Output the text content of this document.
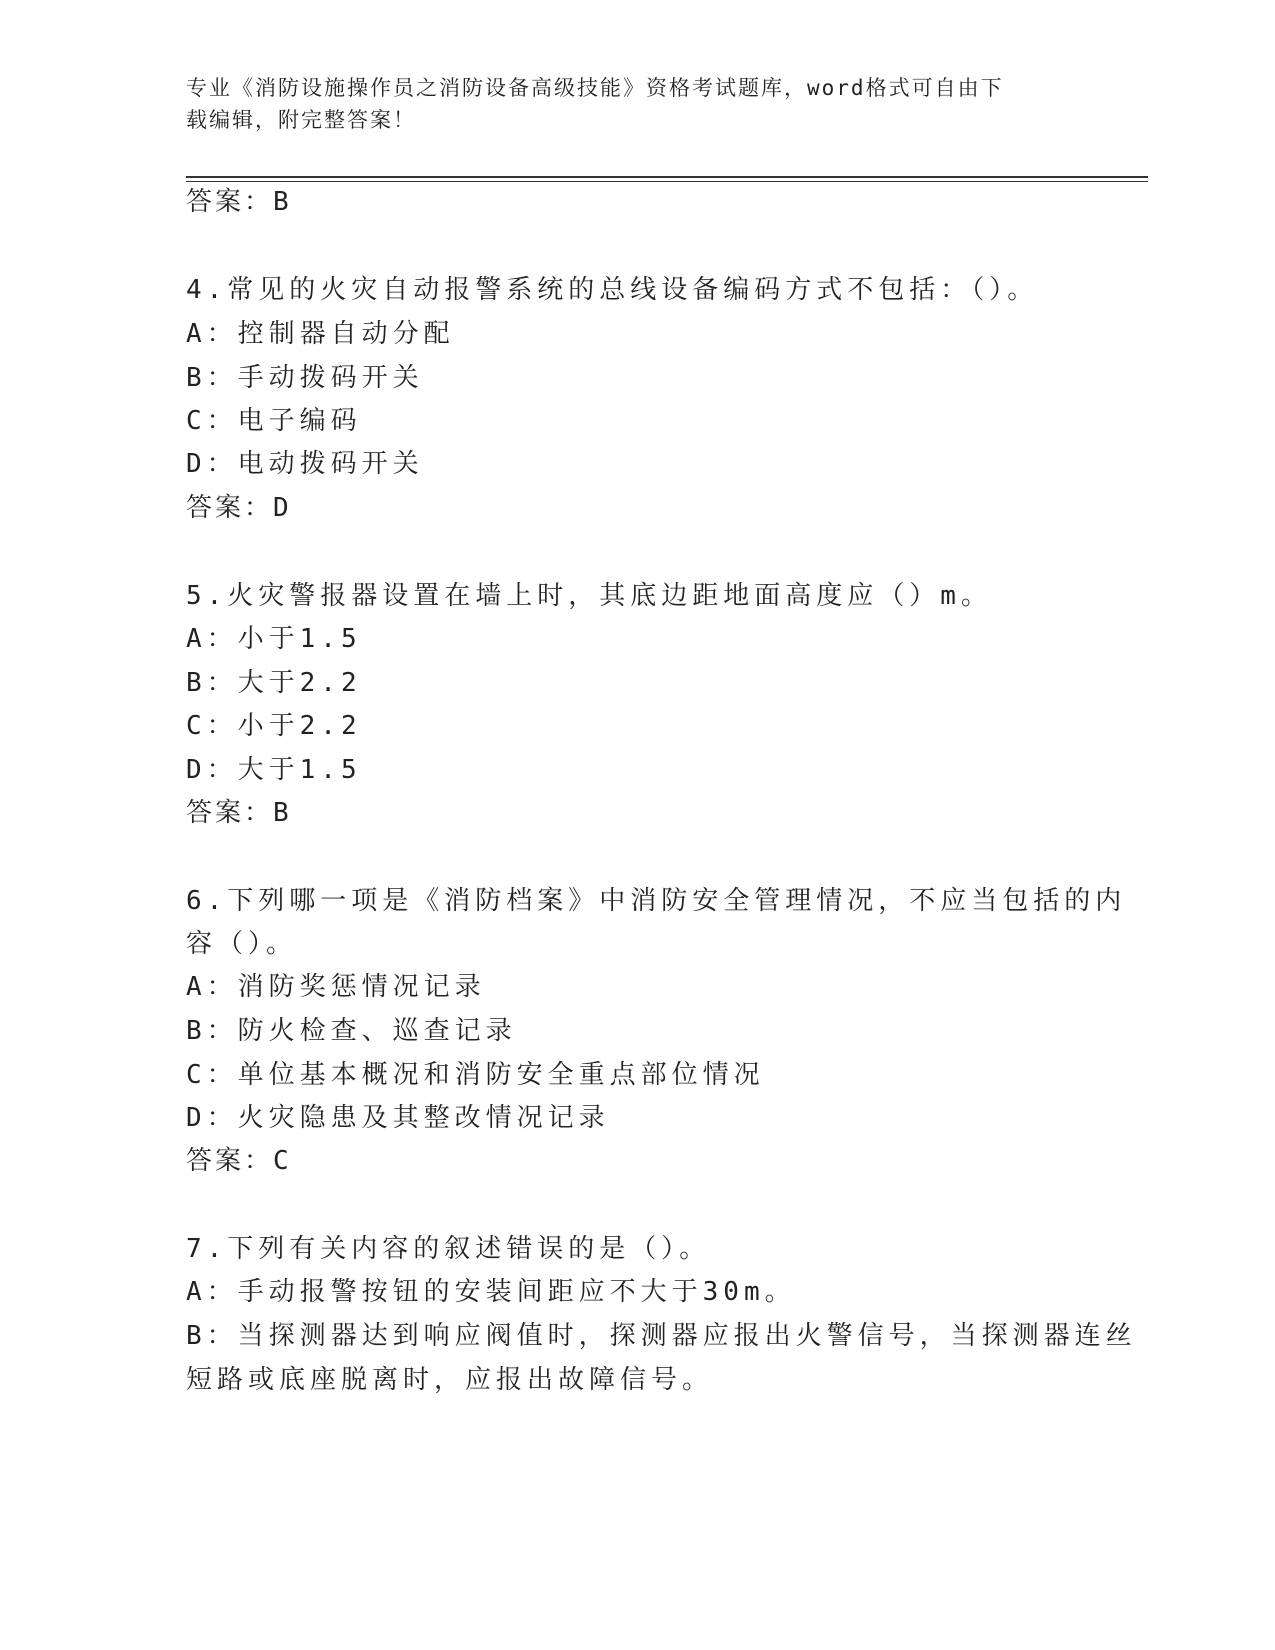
专业《消防设施操作员之消防设备高级技能》资格考试题库，word格式可自由下
载编辑，附完整答案！
答案：B
4.常见的火灾自动报警系统的总线设备编码方式不包括：（）。
A：控制器自动分配
B：手动拨码开关
C：电子编码
D：电动拨码开关
答案：D
5.火灾警报器设置在墙上时，其底边距地面高度应（）m。
A：小于1.5
B：大于2.2
C：小于2.2
D：大于1.5
答案：B
6.下列哪一项是《消防档案》中消防安全管理情况，不应当包括的内
容（）。
A：消防奖惩情况记录
B：防火检查、巡查记录
C：单位基本概况和消防安全重点部位情况
D：火灾隐患及其整改情况记录
答案：C
7.下列有关内容的叙述错误的是（）。
A：手动报警按钮的安装间距应不大于30m。
B：当探测器达到响应阀值时，探测器应报出火警信号，当探测器连丝
短路或底座脱离时，应报出故障信号。
